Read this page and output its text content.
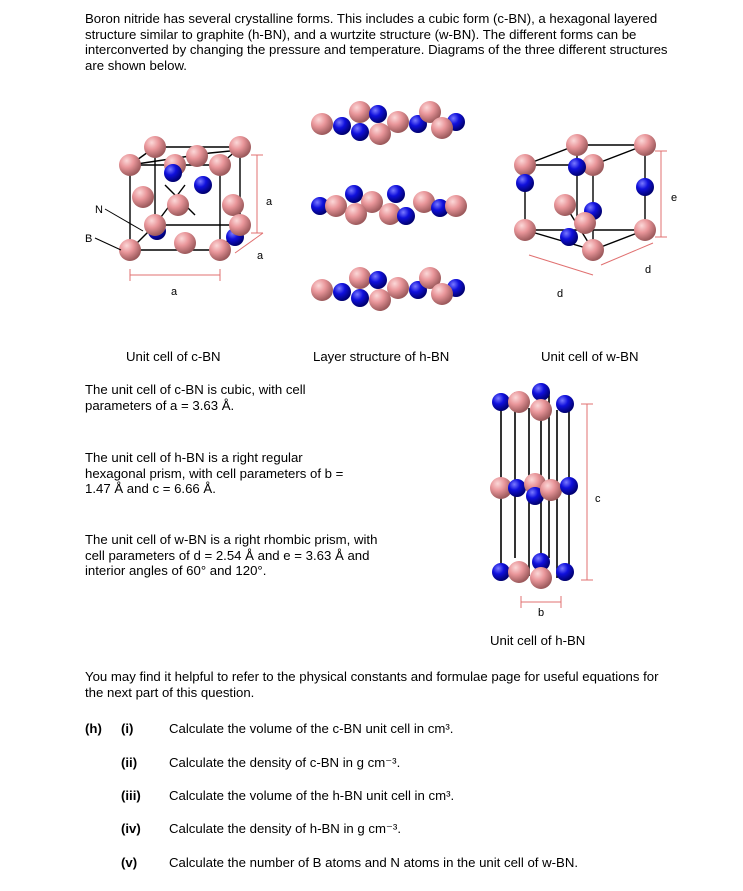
Boron nitride has several crystalline forms. This includes a cubic form (c-BN), a hexagonal layered structure similar to graphite (h-BN), and a wurtzite structure (w-BN). The different forms can be interconverted by changing the pressure and temperature. Diagrams of the three different structures are shown below.
N
B
a
a
a
e
d
d
Unit cell of c-BN	Layer structure of h-BN	Unit cell of w-BN
The unit cell of c-BN is cubic, with cell parameters of a = 3.63 Å.
The unit cell of h-BN is a right regular hexagonal prism, with cell parameters of b = 1.47 Å and c = 6.66 Å.
The unit cell of w-BN is a right rhombic prism, with cell parameters of d = 2.54 Å and e = 3.63 Å and interior angles of 60° and 120°.
c
b
Unit cell of h-BN
You may find it helpful to refer to the physical constants and formulae page for useful equations for the next part of this question.
(h) (i)	Calculate the volume of the c-BN unit cell in cm³.
(ii) Calculate the density of c-BN in g cm⁻³.
(iii) Calculate the volume of the h-BN unit cell in cm³.
(iv) Calculate the density of h-BN in g cm⁻³.
(v) Calculate the number of B atoms and N atoms in the unit cell of w-BN.
